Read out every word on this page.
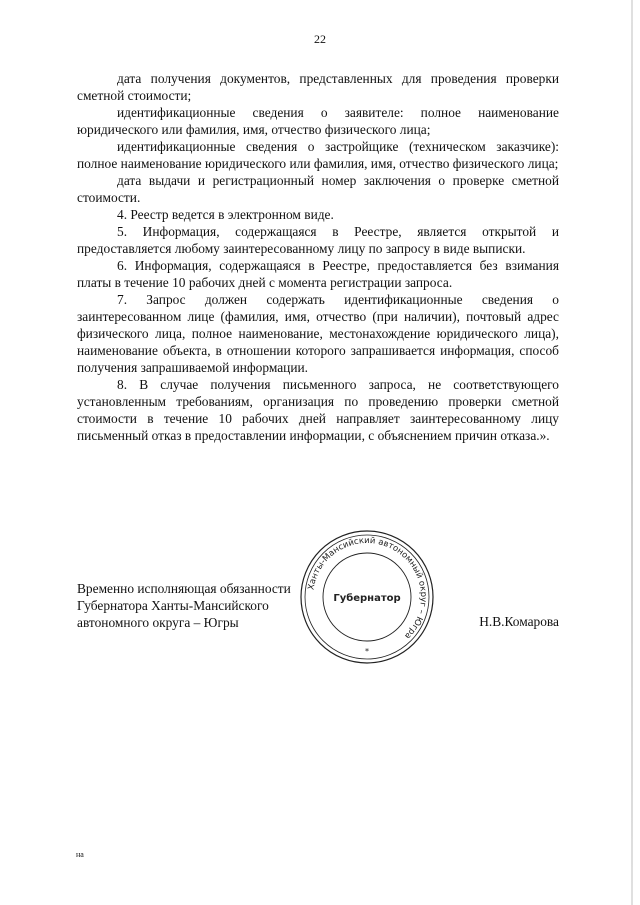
22

дата получения документов, представленных для проведения проверки сметной стоимости;

идентификационные сведения о заявителе: полное наименование юридического или фамилия, имя, отчество физического лица;

идентификационные сведения о застройщике (техническом заказчике): полное наименование юридического или фамилия, имя, отчество физического лица;

дата выдачи и регистрационный номер заключения о проверке сметной стоимости.

4. Реестр ведется в электронном виде.

5. Информация, содержащаяся в Реестре, является открытой и предоставляется любому заинтересованному лицу по запросу в виде выписки.

6. Информация, содержащаяся в Реестре, предоставляется без взимания платы в течение 10 рабочих дней с момента регистрации запроса.

7. Запрос должен содержать идентификационные сведения о заинтересованном лице (фамилия, имя, отчество (при наличии), почтовый адрес физического лица, полное наименование, местонахождение юридического лица), наименование объекта, в отношении которого запрашивается информация, способ получения запрашиваемой информации.

8. В случае получения письменного запроса, не соответствующего установленным требованиям, организация по проведению проверки сметной стоимости в течение 10 рабочих дней направляет заинтересованному лицу письменный отказ в предоставлении информации, с объяснением причин отказа.».

Временно исполняющая обязанности
Губернатора Ханты-Мансийского
автономного округа – Югры	Н.В.Комарова
Ханты-Мансийский автономный округ – Югра
Губернатор
*
на
